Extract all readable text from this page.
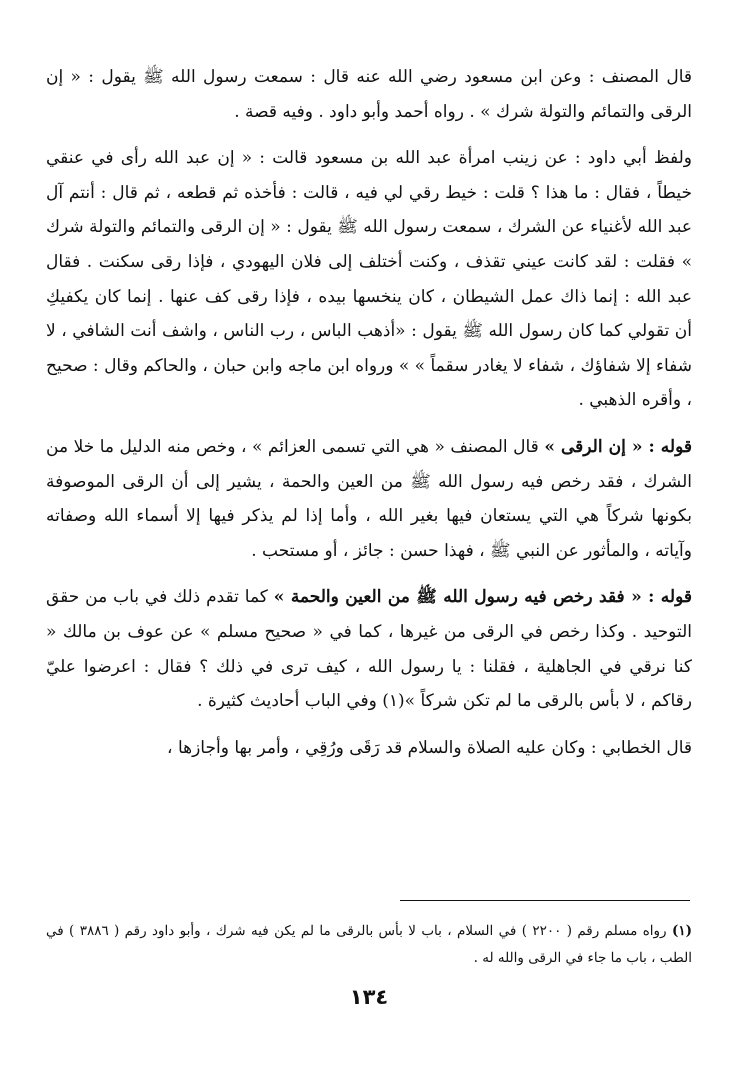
قال المصنف : وعن ابن مسعود رضي الله عنه قال : سمعت رسول الله ﷺ يقول : « إن الرقى والتمائم والتولة شرك » . رواه أحمد وأبو داود . وفيه قصة .

ولفظ أبي داود : عن زينب امرأة عبد الله بن مسعود قالت : « إن عبد الله رأى في عنقي خيطاً ، فقال : ما هذا ؟ قلت : خيط رقي لي فيه ، قالت : فأخذه ثم قطعه ، ثم قال : أنتم آل عبد الله لأغنياء عن الشرك ، سمعت رسول الله ﷺ يقول : « إن الرقى والتمائم والتولة شرك » فقلت : لقد كانت عيني تقذف ، وكنت أختلف إلى فلان اليهودي ، فإذا رقى سكنت . فقال عبد الله : إنما ذاك عمل الشيطان ، كان ينخسها بيده ، فإذا رقى كف عنها . إنما كان يكفيكِ أن تقولي كما كان رسول الله ﷺ يقول : «أذهب الباس ، رب الناس ، واشف أنت الشافي ، لا شفاء إلا شفاؤك ، شفاء لا يغادر سقماً » » ورواه ابن ماجه وابن حبان ، والحاكم وقال : صحيح ، وأقره الذهبي .

قوله : « إن الرقى » قال المصنف « هي التي تسمى العزائم » ، وخص منه الدليل ما خلا من الشرك ، فقد رخص فيه رسول الله ﷺ من العين والحمة ، يشير إلى أن الرقى الموصوفة بكونها شركاً هي التي يستعان فيها بغير الله ، وأما إذا لم يذكر فيها إلا أسماء الله وصفاته وآياته ، والمأثور عن النبي ﷺ ، فهذا حسن : جائز ، أو مستحب .

قوله : « فقد رخص فيه رسول الله ﷺ من العين والحمة » كما تقدم ذلك في باب من حقق التوحيد . وكذا رخص في الرقى من غيرها ، كما في « صحيح مسلم » عن عوف بن مالك « كنا نرقي في الجاهلية ، فقلنا : يا رسول الله ، كيف ترى في ذلك ؟ فقال : اعرضوا عليّ رقاكم ، لا بأس بالرقى ما لم تكن شركاً »(١) وفي الباب أحاديث كثيرة .

قال الخطابي : وكان عليه الصلاة والسلام قد رَقَى ورُقِي ، وأمر بها وأجازها ،

(١) رواه مسلم رقم ( ٢٢٠٠ ) في السلام ، باب لا بأس بالرقى ما لم يكن فيه شرك ، وأبو داود رقم ( ٣٨٨٦ ) في الطب ، باب ما جاء في الرقى والله له .

١٣٤
